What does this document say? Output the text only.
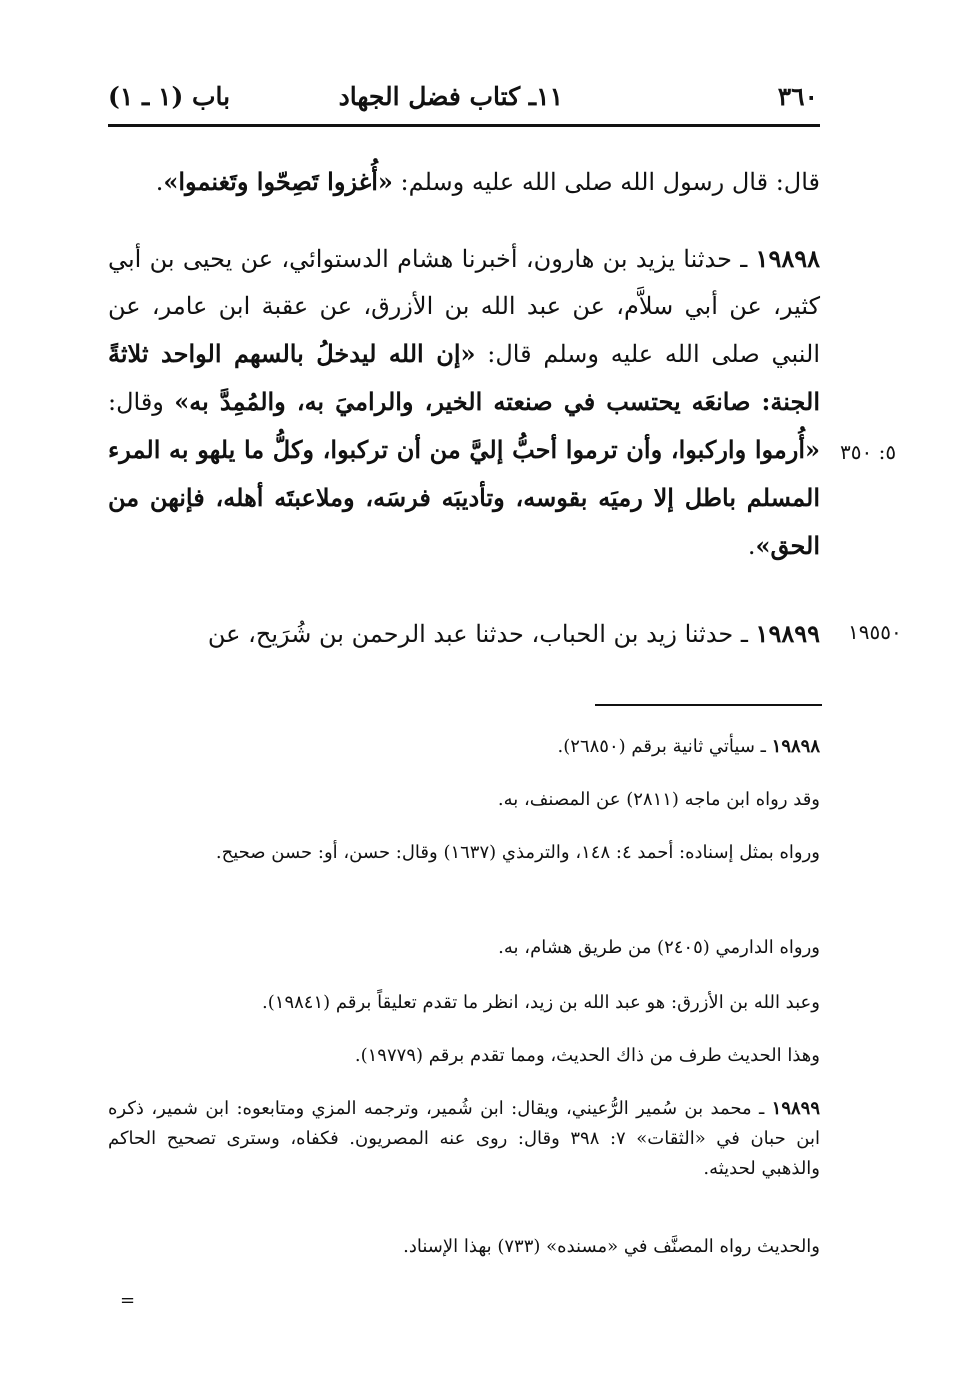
٣٦٠
١١ـ كتاب فضل الجهاد
باب (١ ـ ١)
قال: قال رسول الله صلى الله عليه وسلم: «أُغزوا تَصِحّوا وتَغنموا».
١٩٨٩٨ ـ حدثنا يزيد بن هارون، أخبرنا هشام الدستوائي، عن يحيى بن أبي كثير، عن أبي سلاَّم، عن عبد الله بن الأزرق، عن عقبة ابن عامر، عن النبي صلى الله عليه وسلم قال: «إن الله ليدخلُ بالسهم الواحد ثلاثةً الجنة: صانعَه يحتسب في صنعته الخير، والراميَ به، والمُمِدَّ به» وقال: «أُرموا واركبوا، وأن ترموا أحبُّ إليَّ من أن تركبوا، وكلُّ ما يلهو به المرء المسلم باطل إلا رميَه بقوسه، وتأديبَه فرسَه، وملاعبتَه أهله، فإنهن من الحق».
٥: ٣٥٠
١٩٨٩٩ ـ حدثنا زيد بن الحباب، حدثنا عبد الرحمن بن شُرَيح، عن	١٩٥٥٠
١٩٨٩٨ ـ سيأتي ثانية برقم (٢٦٨٥٠).
وقد رواه ابن ماجه (٢٨١١) عن المصنف، به.
ورواه بمثل إسناده: أحمد ٤: ١٤٨، والترمذي (١٦٣٧) وقال: حسن، أو: حسن صحيح.
ورواه الدارمي (٢٤٠٥) من طريق هشام، به.
وعبد الله بن الأزرق: هو عبد الله بن زيد، انظر ما تقدم تعليقاً برقم (١٩٨٤١).
وهذا الحديث طرف من ذاك الحديث، ومما تقدم برقم (١٩٧٧٩).
١٩٨٩٩ ـ محمد بن سُمير الرُّعيني، ويقال: ابن شُمير، وترجمه المزي ومتابعوه: ابن شمير، ذكره ابن حبان في «الثقات» ٧: ٣٩٨ وقال: روى عنه المصريون. فكفاه، وسترى تصحيح الحاكم والذهبي لحديثه.
والحديث رواه المصنَّف في «مسنده» (٧٣٣) بهذا الإسناد.
=
